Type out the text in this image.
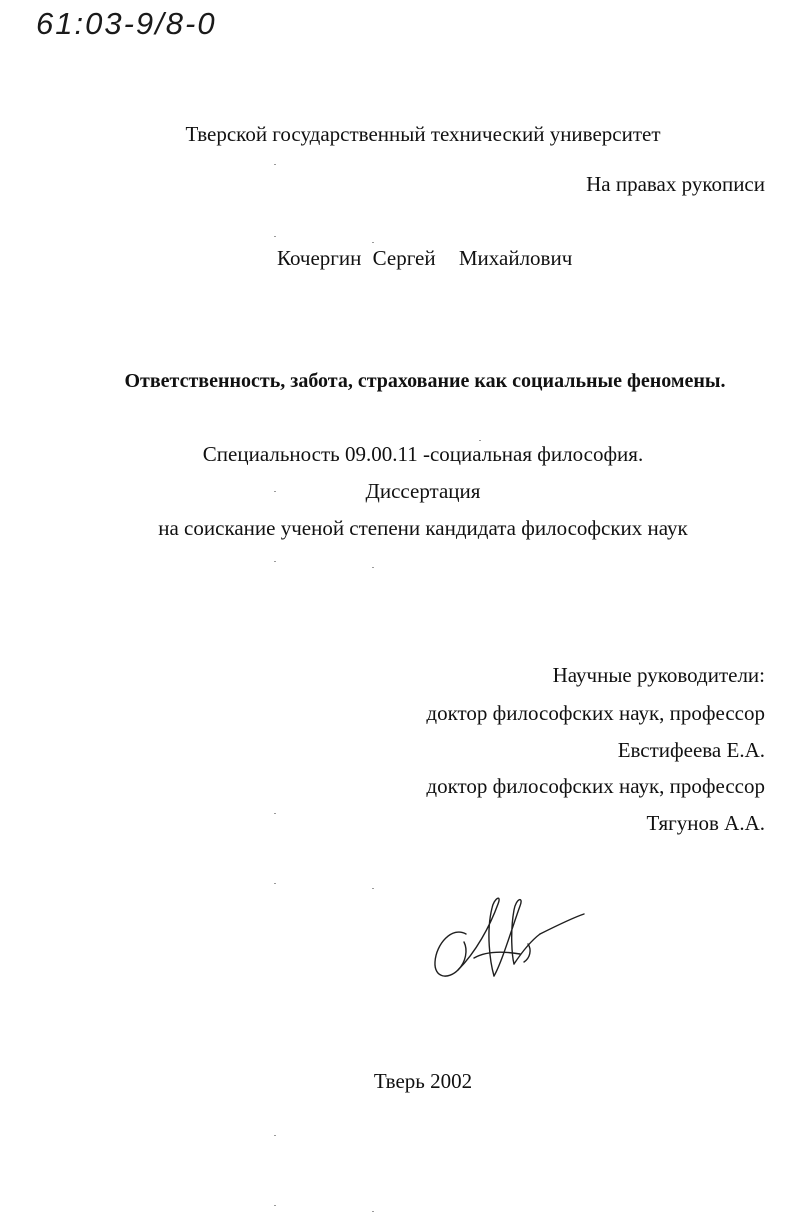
61:03-9/8-0
Тверской государственный технический университет
На правах рукописи
Кочергин Сергей Михайлович
Ответственность, забота, страхование как социальные феномены.
Специальность 09.00.11 -социальная философия.
Диссертация
на соискание ученой степени кандидата философских наук
Научные руководители:
доктор философских наук, профессор
Евстифеева Е.А.
доктор философских наук, профессор
Тягунов А.А.
Тверь 2002
